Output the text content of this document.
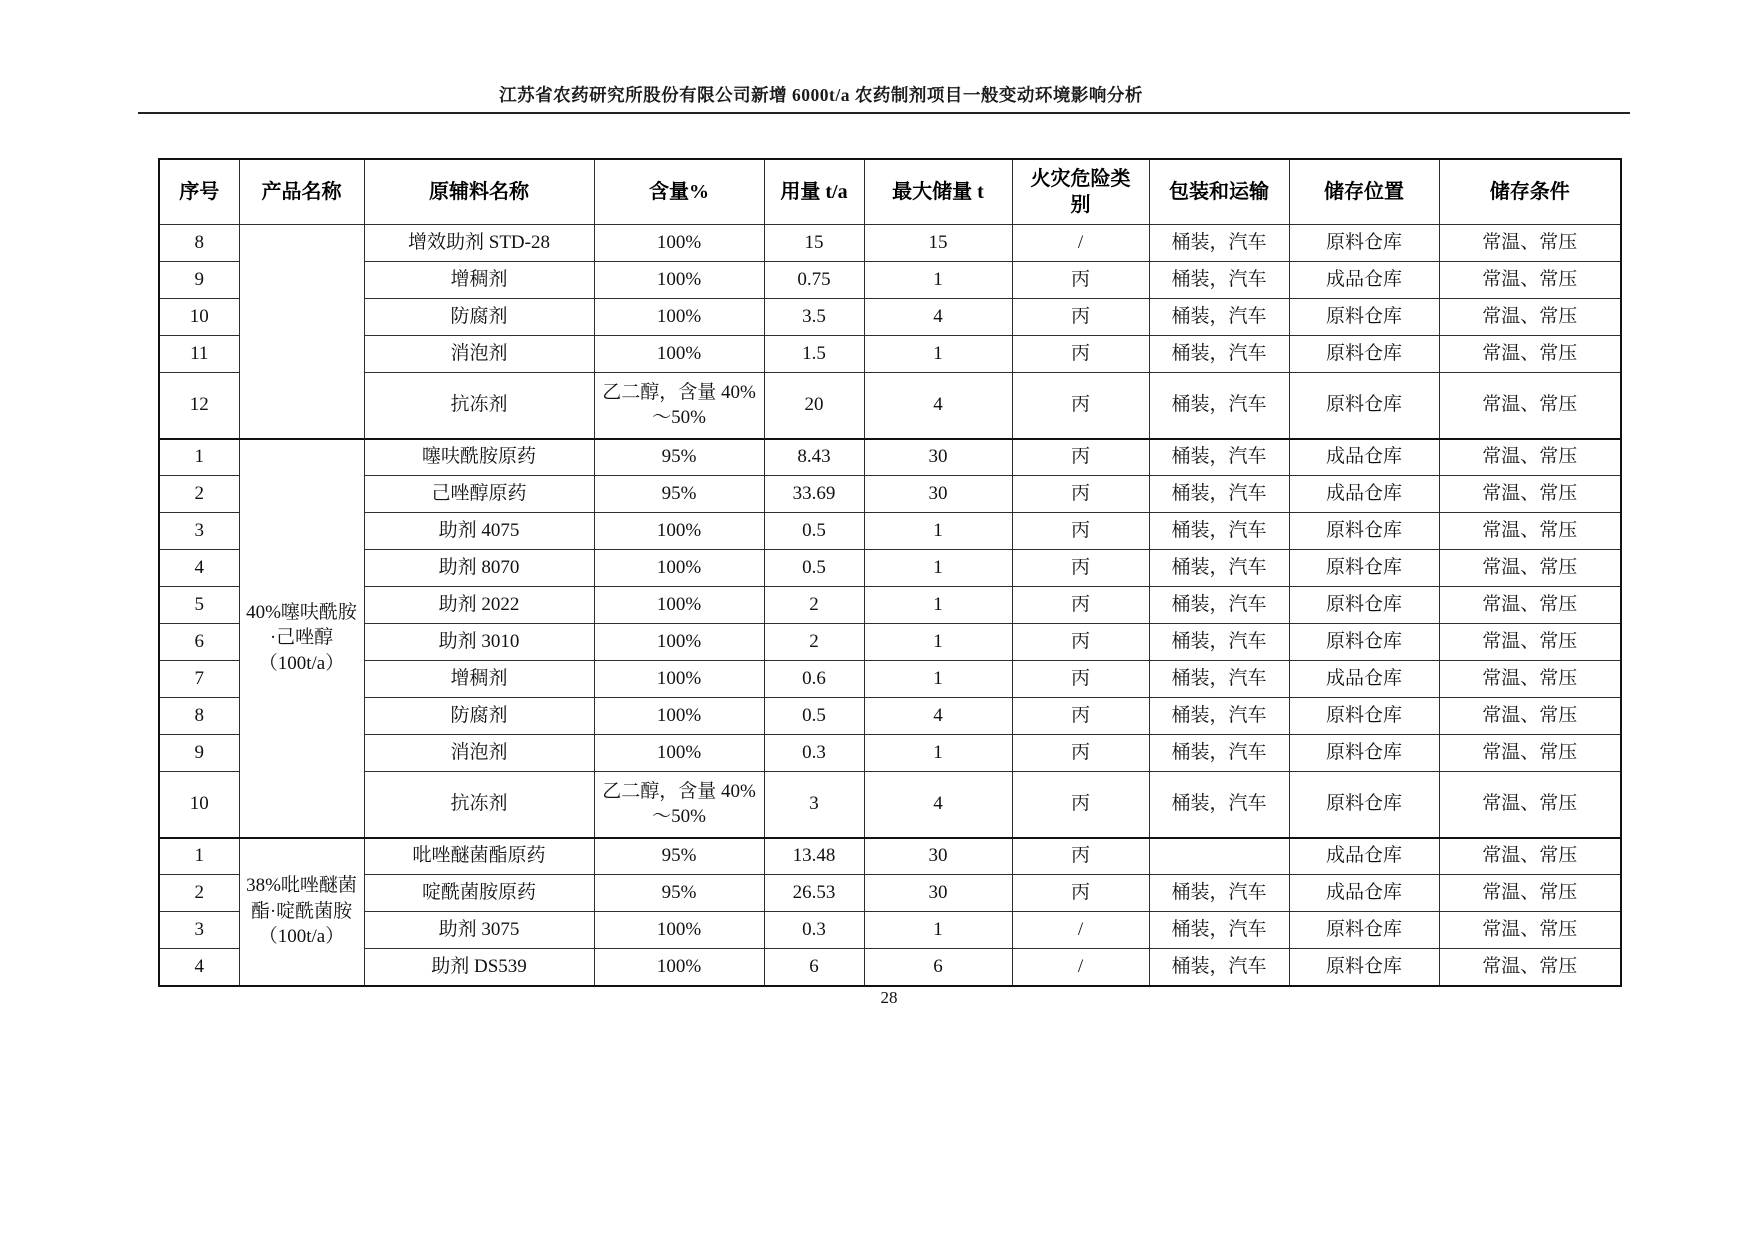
江苏省农药研究所股份有限公司新增 6000t/a 农药制剂项目一般变动环境影响分析
序号	产品名称	原辅料名称	含量%	用量 t/a	最大储量 t	火灾危险类别	包装和运输	储存位置	储存条件
8		增效助剂 STD-28	100%	15	15	/	桶装，汽车	原料仓库	常温、常压
9		增稠剂	100%	0.75	1	丙	桶装，汽车	成品仓库	常温、常压
10		防腐剂	100%	3.5	4	丙	桶装，汽车	原料仓库	常温、常压
11		消泡剂	100%	1.5	1	丙	桶装，汽车	原料仓库	常温、常压
12		抗冻剂	乙二醇，含量 40%～50%	20	4	丙	桶装，汽车	原料仓库	常温、常压
1	40%噻呋酰胺·己唑醇（100t/a）	噻呋酰胺原药	95%	8.43	30	丙	桶装，汽车	成品仓库	常温、常压
2		己唑醇原药	95%	33.69	30	丙	桶装，汽车	成品仓库	常温、常压
3		助剂 4075	100%	0.5	1	丙	桶装，汽车	原料仓库	常温、常压
4		助剂 8070	100%	0.5	1	丙	桶装，汽车	原料仓库	常温、常压
5		助剂 2022	100%	2	1	丙	桶装，汽车	原料仓库	常温、常压
6		助剂 3010	100%	2	1	丙	桶装，汽车	原料仓库	常温、常压
7		增稠剂	100%	0.6	1	丙	桶装，汽车	成品仓库	常温、常压
8		防腐剂	100%	0.5	4	丙	桶装，汽车	原料仓库	常温、常压
9		消泡剂	100%	0.3	1	丙	桶装，汽车	原料仓库	常温、常压
10		抗冻剂	乙二醇，含量 40%～50%	3	4	丙	桶装，汽车	原料仓库	常温、常压
1	38%吡唑醚菌酯·啶酰菌胺（100t/a）	吡唑醚菌酯原药	95%	13.48	30	丙		成品仓库	常温、常压
2		啶酰菌胺原药	95%	26.53	30	丙	桶装，汽车	成品仓库	常温、常压
3		助剂 3075	100%	0.3	1	/	桶装，汽车	原料仓库	常温、常压
4		助剂 DS539	100%	6	6	/	桶装，汽车	原料仓库	常温、常压
28
